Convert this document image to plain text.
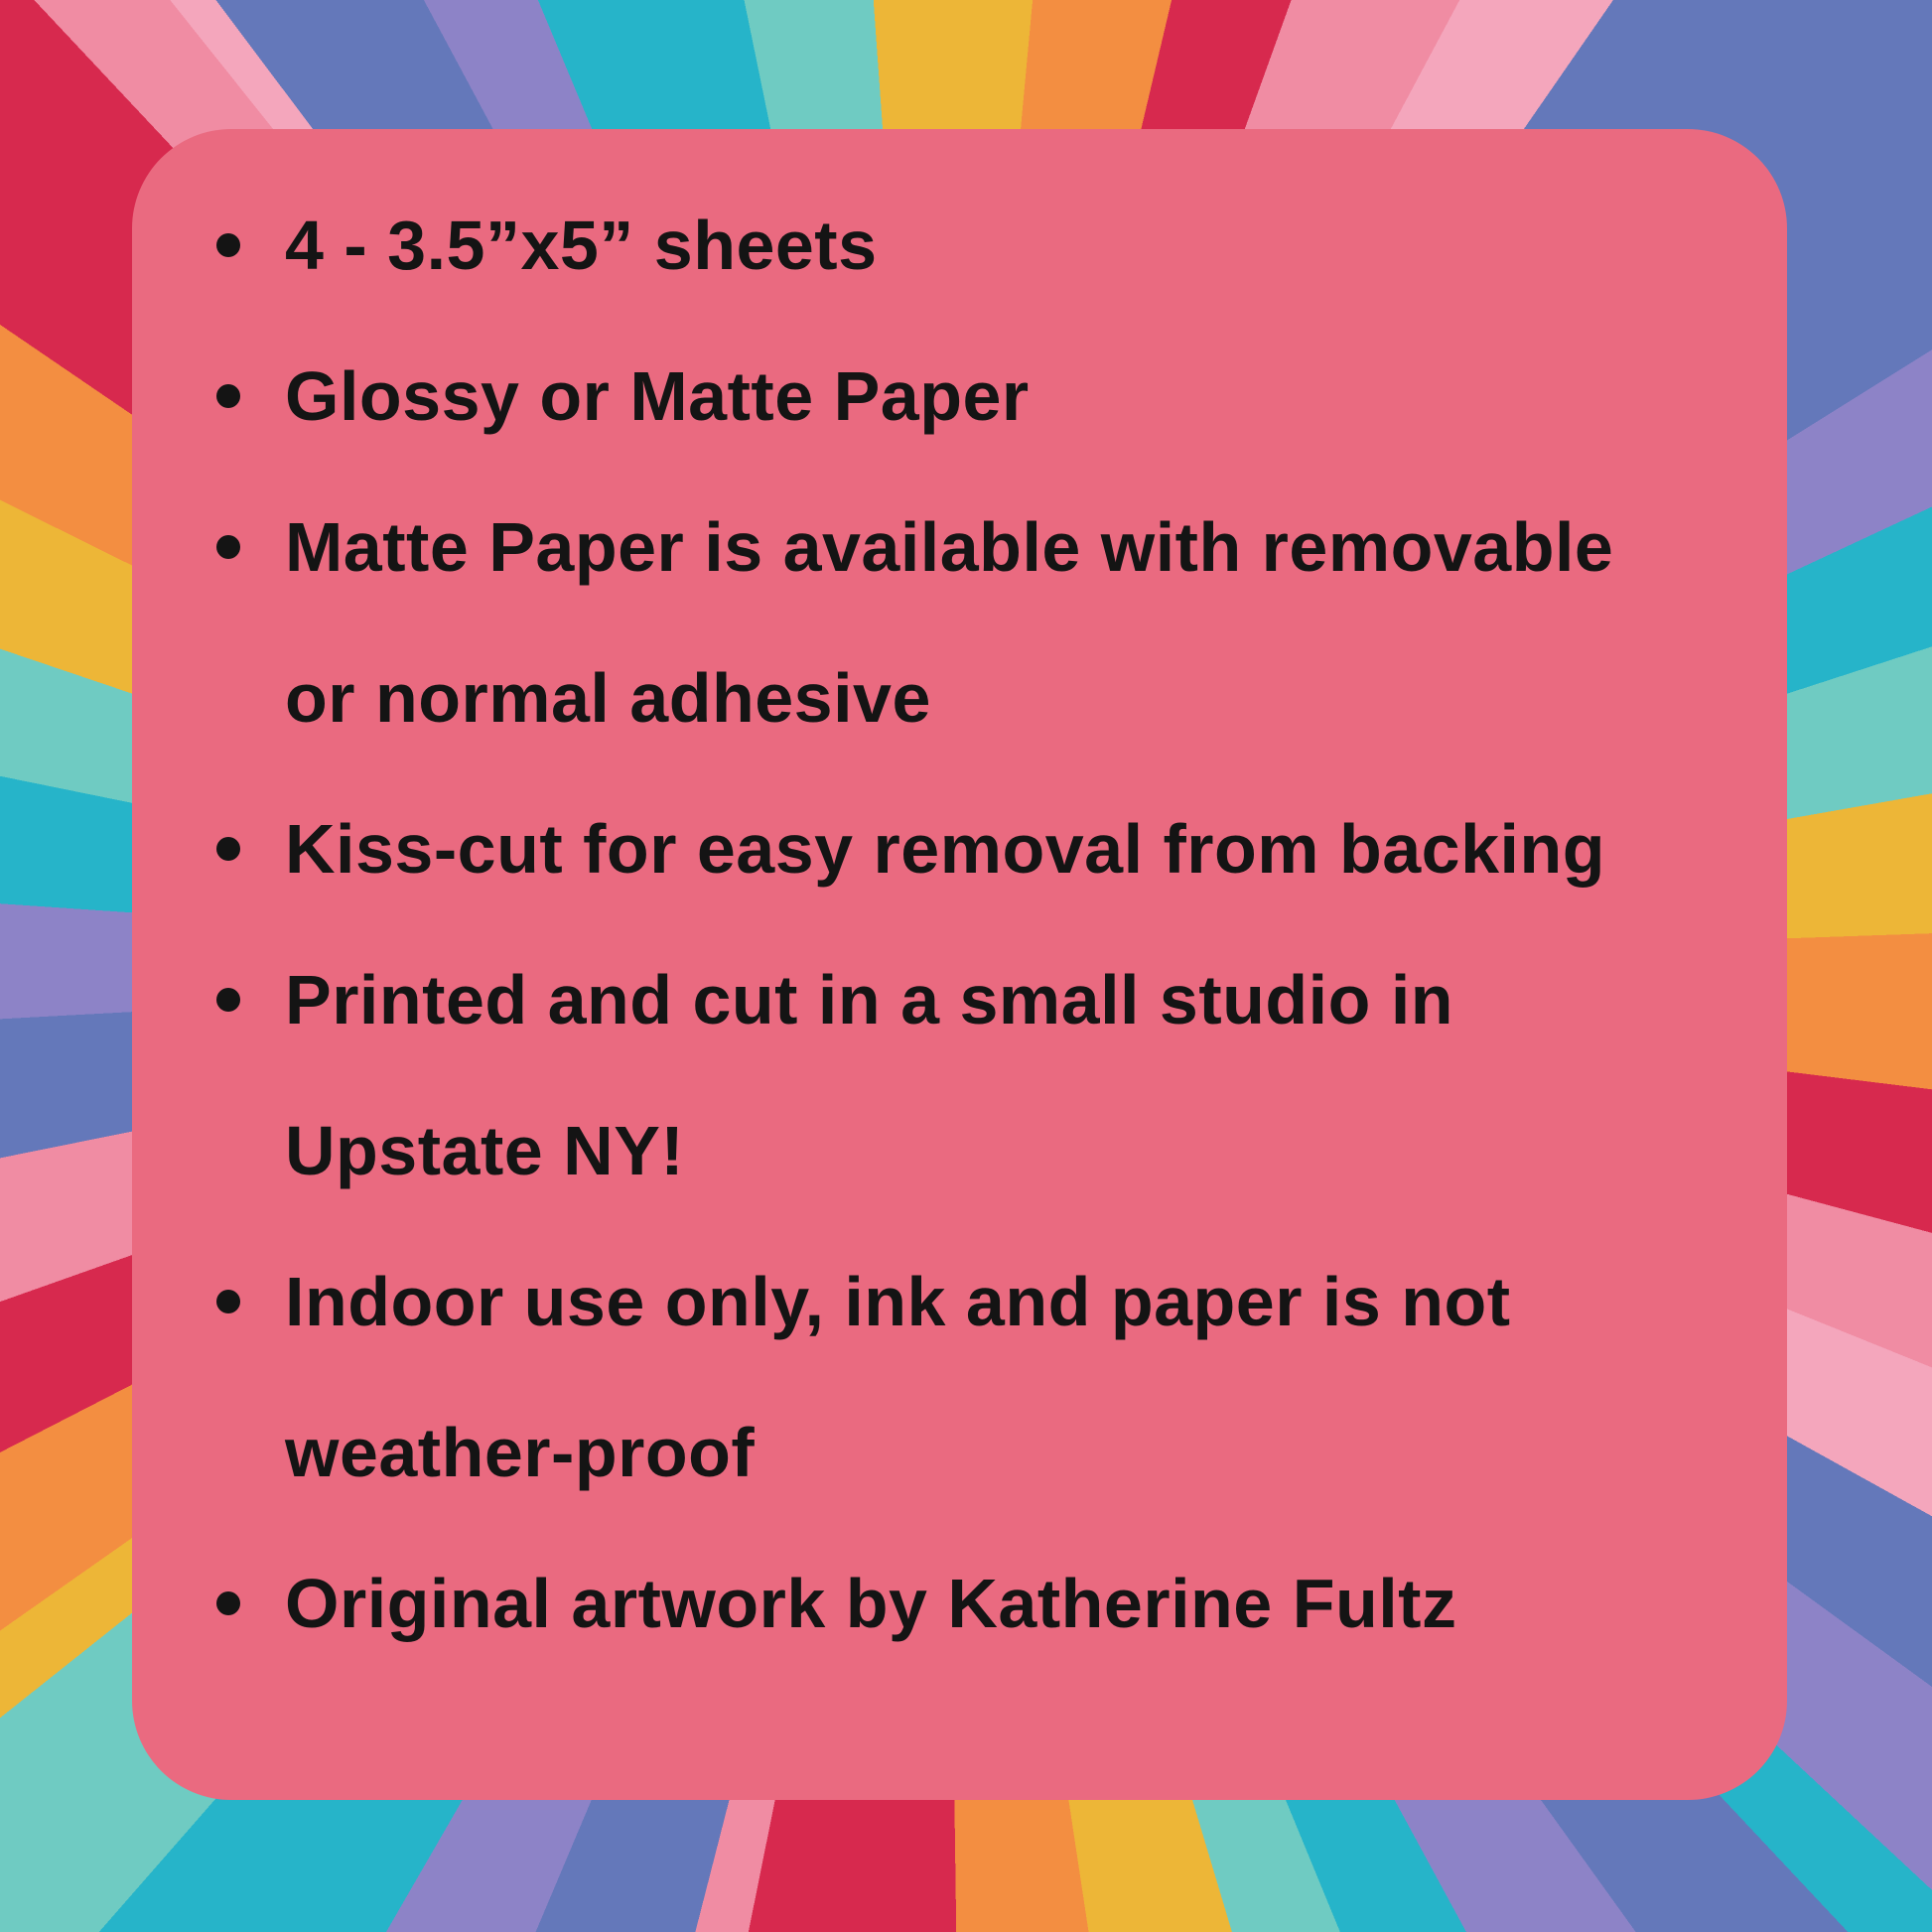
4 - 3.5”x5” sheets
Glossy or Matte Paper
Matte Paper is available with removable
or normal adhesive
Kiss-cut for easy removal from backing
Printed and cut in a small studio in
Upstate NY!
Indoor use only, ink and paper is not
weather-proof
Original artwork by Katherine Fultz
